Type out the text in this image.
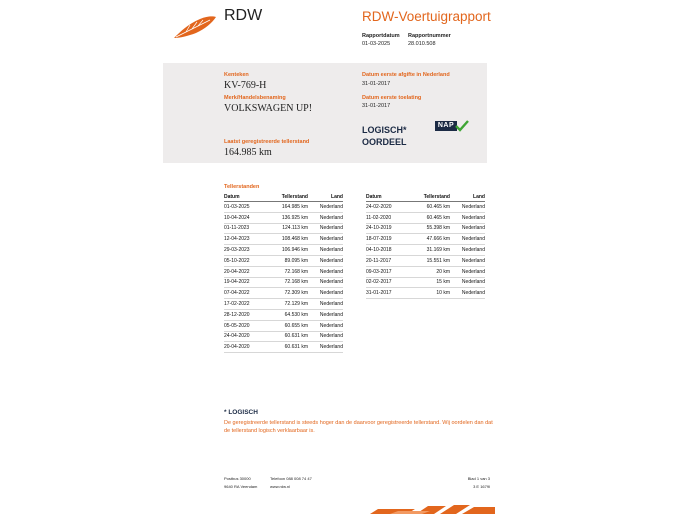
RDW	RDW-Voertuigrapport
Rapportdatum
01-03-2025
Rapportnummer
28.010.508
Kenteken
KV-769-H
Merk/Handelsbenaming
VOLKSWAGEN UP!
Laatst geregistreerde tellerstand
164.985 km
Datum eerste afgifte in Nederland
31-01-2017
Datum eerste toelating
31-01-2017
LOGISCH*
OORDEEL
NAP
Tellerstanden
Datum	Tellerstand	Land
01-03-2025	164.985 km	Nederland
10-04-2024	136.925 km	Nederland
01-11-2023	124.113 km	Nederland
12-04-2023	108.468 km	Nederland
29-03-2023	106.946 km	Nederland
05-10-2022	89.095 km	Nederland
20-04-2022	72.168 km	Nederland
19-04-2022	72.168 km	Nederland
07-04-2022	72.309 km	Nederland
17-02-2022	72.129 km	Nederland
28-12-2020	64.530 km	Nederland
05-05-2020	60.655 km	Nederland
24-04-2020	60.631 km	Nederland
20-04-2020	60.631 km	Nederland
Datum	Tellerstand	Land
24-02-2020	60.465 km	Nederland
11-02-2020	60.465 km	Nederland
24-10-2019	55.398 km	Nederland
18-07-2019	47.666 km	Nederland
04-10-2018	31.169 km	Nederland
20-11-2017	15.551 km	Nederland
09-03-2017	20 km	Nederland
02-02-2017	15 km	Nederland
31-01-2017	10 km	Nederland
* LOGISCH
De geregistreerde tellerstand is steeds hoger dan de daarvoor geregistreerde tellerstand. Wij oordelen dan dat de tellerstand logisch verklaarbaar is.
Postbus 30000
9640 RA Veendam
Telefoon 088 008 74 47
www.rdw.nl
Blad 1 van 3
3 E 1679l
